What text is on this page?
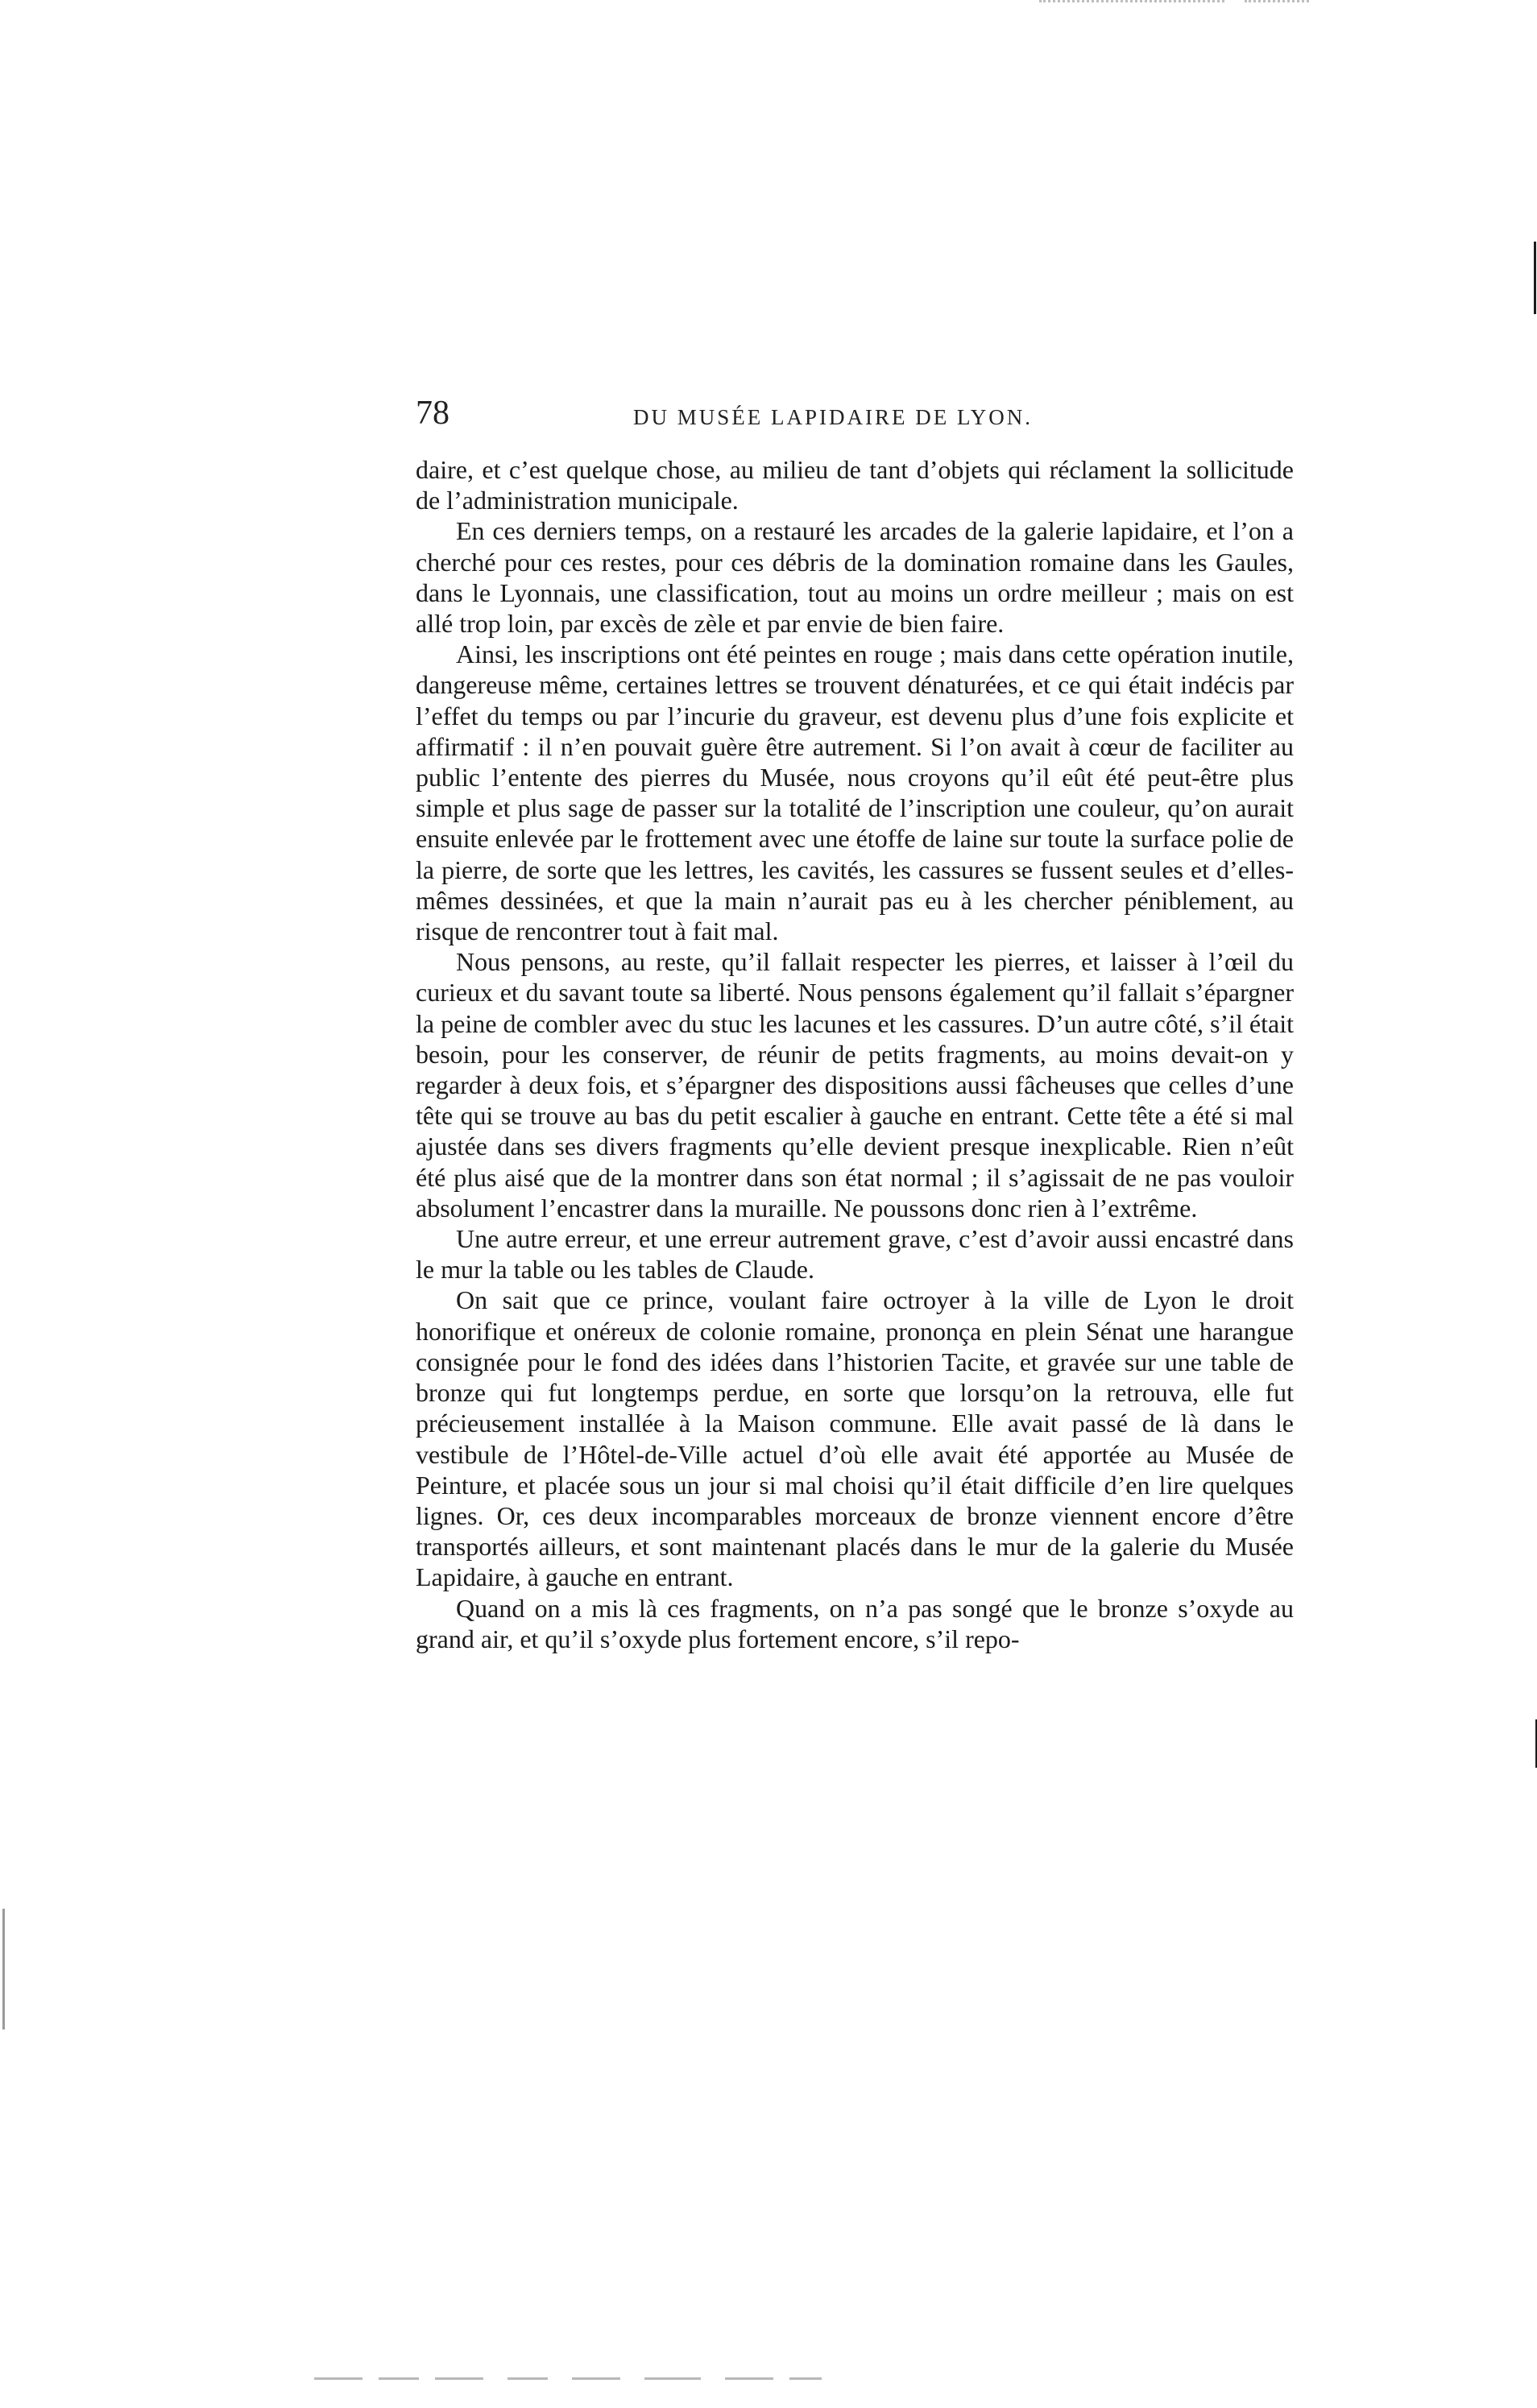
78	DU MUSÉE LAPIDAIRE DE LYON.

daire, et c’est quelque chose, au milieu de tant d’objets qui réclament la sollicitude de l’administration municipale.

En ces derniers temps, on a restauré les arcades de la galerie lapidaire, et l’on a cherché pour ces restes, pour ces débris de la domination romaine dans les Gaules, dans le Lyonnais, une classification, tout au moins un ordre meilleur ; mais on est allé trop loin, par excès de zèle et par envie de bien faire.

Ainsi, les inscriptions ont été peintes en rouge ; mais dans cette opération inutile, dangereuse même, certaines lettres se trouvent dénaturées, et ce qui était indécis par l’effet du temps ou par l’incurie du graveur, est devenu plus d’une fois explicite et affirmatif : il n’en pouvait guère être autrement. Si l’on avait à cœur de faciliter au public l’entente des pierres du Musée, nous croyons qu’il eût été peut-être plus simple et plus sage de passer sur la totalité de l’inscription une couleur, qu’on aurait ensuite enlevée par le frottement avec une étoffe de laine sur toute la surface polie de la pierre, de sorte que les lettres, les cavités, les cassures se fussent seules et d’elles-mêmes dessinées, et que la main n’aurait pas eu à les chercher péniblement, au risque de rencontrer tout à fait mal.

Nous pensons, au reste, qu’il fallait respecter les pierres, et laisser à l’œil du curieux et du savant toute sa liberté. Nous pensons également qu’il fallait s’épargner la peine de combler avec du stuc les lacunes et les cassures. D’un autre côté, s’il était besoin, pour les conserver, de réunir de petits fragments, au moins devait-on y regarder à deux fois, et s’épargner des dispositions aussi fâcheuses que celles d’une tête qui se trouve au bas du petit escalier à gauche en entrant. Cette tête a été si mal ajustée dans ses divers fragments qu’elle devient presque inexplicable. Rien n’eût été plus aisé que de la montrer dans son état normal ; il s’agissait de ne pas vouloir absolument l’encastrer dans la muraille. Ne poussons donc rien à l’extrême.

Une autre erreur, et une erreur autrement grave, c’est d’avoir aussi encastré dans le mur la table ou les tables de Claude.

On sait que ce prince, voulant faire octroyer à la ville de Lyon le droit honorifique et onéreux de colonie romaine, prononça en plein Sénat une harangue consignée pour le fond des idées dans l’historien Tacite, et gravée sur une table de bronze qui fut longtemps perdue, en sorte que lorsqu’on la retrouva, elle fut précieusement installée à la Maison commune. Elle avait passé de là dans le vestibule de l’Hôtel-de-Ville actuel d’où elle avait été apportée au Musée de Peinture, et placée sous un jour si mal choisi qu’il était difficile d’en lire quelques lignes. Or, ces deux incomparables morceaux de bronze viennent encore d’être transportés ailleurs, et sont maintenant placés dans le mur de la galerie du Musée Lapidaire, à gauche en entrant.

Quand on a mis là ces fragments, on n’a pas songé que le bronze s’oxyde au grand air, et qu’il s’oxyde plus fortement encore, s’il repo-
